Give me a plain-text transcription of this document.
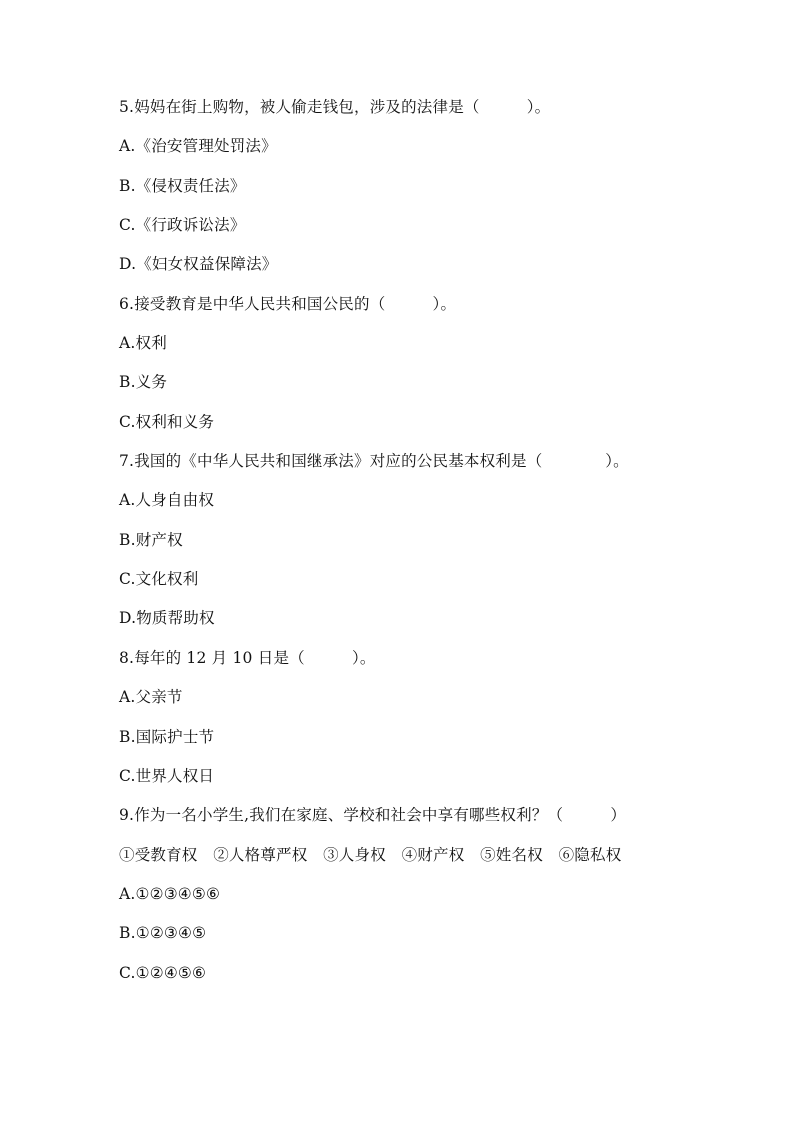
5.妈妈在街上购物，被人偷走钱包，涉及的法律是（　　　）。
A.《治安管理处罚法》
B.《侵权责任法》
C.《行政诉讼法》
D.《妇女权益保障法》
6.接受教育是中华人民共和国公民的（　　　）。
A.权利
B.义务
C.权利和义务
7.我国的《中华人民共和国继承法》对应的公民基本权利是（　　　　）。
A.人身自由权
B.财产权
C.文化权利
D.物质帮助权
8.每年的 12 月 10 日是（　　　）。
A.父亲节
B.国际护士节
C.世界人权日
9.作为一名小学生,我们在家庭、学校和社会中享有哪些权利？（　　　）
①受教育权　②人格尊严权　③人身权　④财产权　⑤姓名权　⑥隐私权
A.①②③④⑤⑥
B.①②③④⑤
C.①②④⑤⑥
